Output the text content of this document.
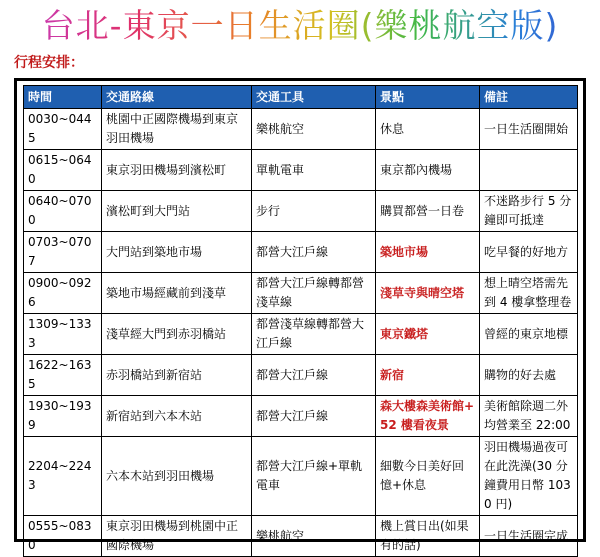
台北-東京一日生活圈(樂桃航空版)
行程安排：
時間	交通路線	交通工具	景點	備註
0030~0445	桃園中正國際機場到東京羽田機場	樂桃航空	休息	一日生活圈開始
0615~0640	東京羽田機場到濱松町	單軌電車	東京都內機場	
0640~0700	濱松町到大門站	步行	購買都營一日卷	不迷路步行 5 分鐘即可抵達
0703~0707	大門站到築地市場	都營大江戶線	築地市場	吃早餐的好地方
0900~0926	築地市場經藏前到淺草	都營大江戶線轉都營淺草線	淺草寺與晴空塔	想上晴空塔需先到 4 樓拿整理卷
1309~1333	淺草經大門到赤羽橋站	都營淺草線轉都營大江戶線	東京鐵塔	曾經的東京地標
1622~1635	赤羽橋站到新宿站	都營大江戶線	新宿	購物的好去處
1930~1939	新宿站到六本木站	都營大江戶線	森大樓森美術館+52 樓看夜景	美術館除週二外均營業至 22:00
2204~2243	六本木站到羽田機場	都營大江戶線+單軌電車	細數今日美好回憶+休息	羽田機場過夜可在此洗澡(30 分鐘費用日幣 1030 円)
0555~0830	東京羽田機場到桃園中正國際機場	樂桃航空	機上賞日出(如果有的話)	一日生活圈完成
